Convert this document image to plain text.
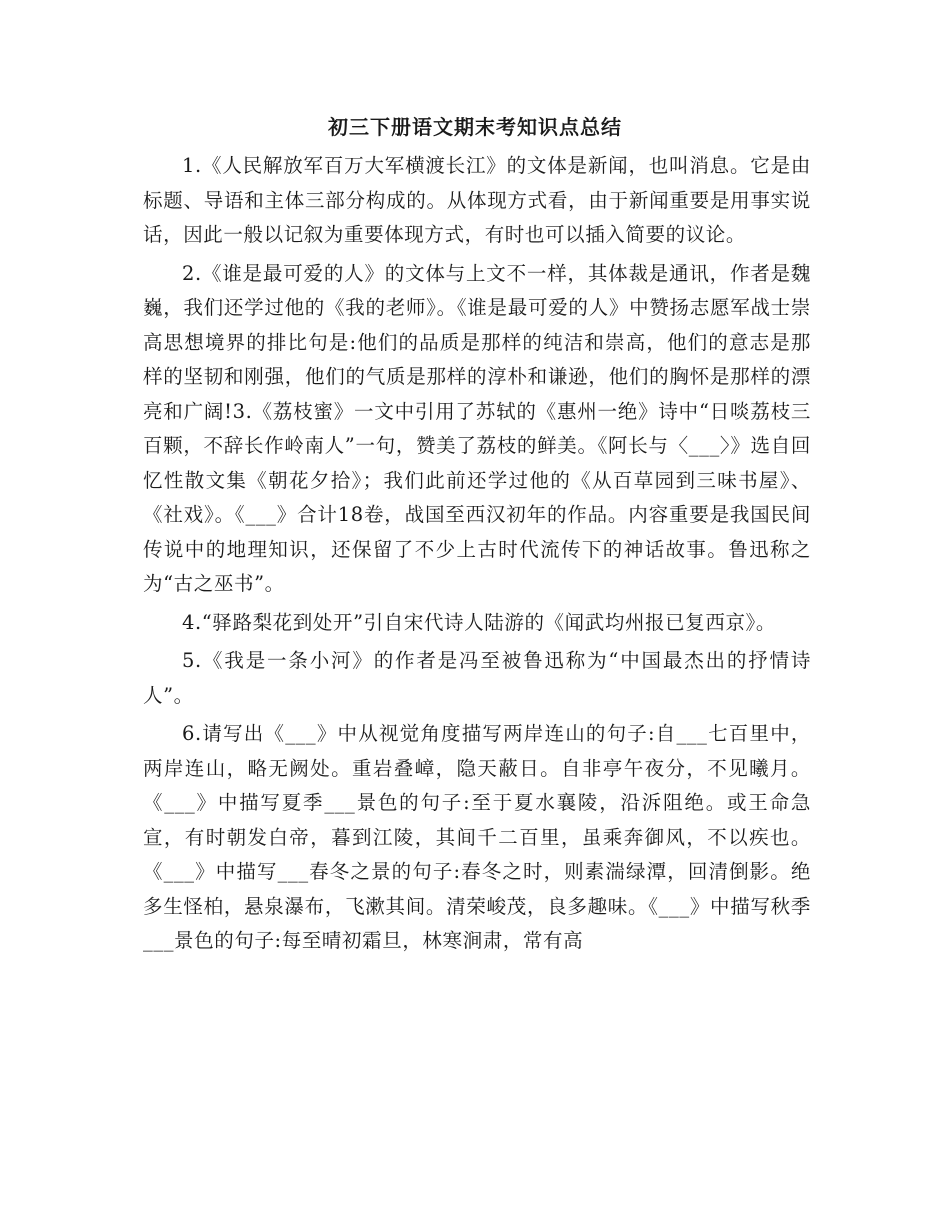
初三下册语文期末考知识点总结

1.《人民解放军百万大军横渡长江》的文体是新闻，也叫消息。它是由标题、导语和主体三部分构成的。从体现方式看，由于新闻重要是用事实说话，因此一般以记叙为重要体现方式，有时也可以插入简要的议论。

2.《谁是最可爱的人》的文体与上文不一样，其体裁是通讯，作者是魏巍，我们还学过他的《我的老师》。《谁是最可爱的人》中赞扬志愿军战士崇高思想境界的排比句是:他们的品质是那样的纯洁和崇高，他们的意志是那样的坚韧和刚强，他们的气质是那样的淳朴和谦逊，他们的胸怀是那样的漂亮和广阔!3.《荔枝蜜》一文中引用了苏轼的《惠州一绝》诗中“日啖荔枝三百颗，不辞长作岭南人”一句，赞美了荔枝的鲜美。《阿长与〈___〉》选自回忆性散文集《朝花夕拾》；我们此前还学过他的《从百草园到三味书屋》、《社戏》。《___》合计18卷，战国至西汉初年的作品。内容重要是我国民间传说中的地理知识，还保留了不少上古时代流传下的神话故事。鲁迅称之为“古之巫书”。

4.“驿路梨花到处开”引自宋代诗人陆游的《闻武均州报已复西京》。

5.《我是一条小河》的作者是冯至被鲁迅称为“中国最杰出的抒情诗人”。

6.请写出《___》中从视觉角度描写两岸连山的句子:自___七百里中，两岸连山，略无阙处。重岩叠嶂，隐天蔽日。自非亭午夜分，不见曦月。《___》中描写夏季___景色的句子:至于夏水襄陵，沿泝阻绝。或王命急宣，有时朝发白帝，暮到江陵，其间千二百里，虽乘奔御风，不以疾也。《___》中描写___春冬之景的句子:春冬之时，则素湍绿潭，回清倒影。绝多生怪柏，悬泉瀑布，飞漱其间。清荣峻茂，良多趣味。《___》中描写秋季___景色的句子:每至晴初霜旦，林寒涧肃，常有高
